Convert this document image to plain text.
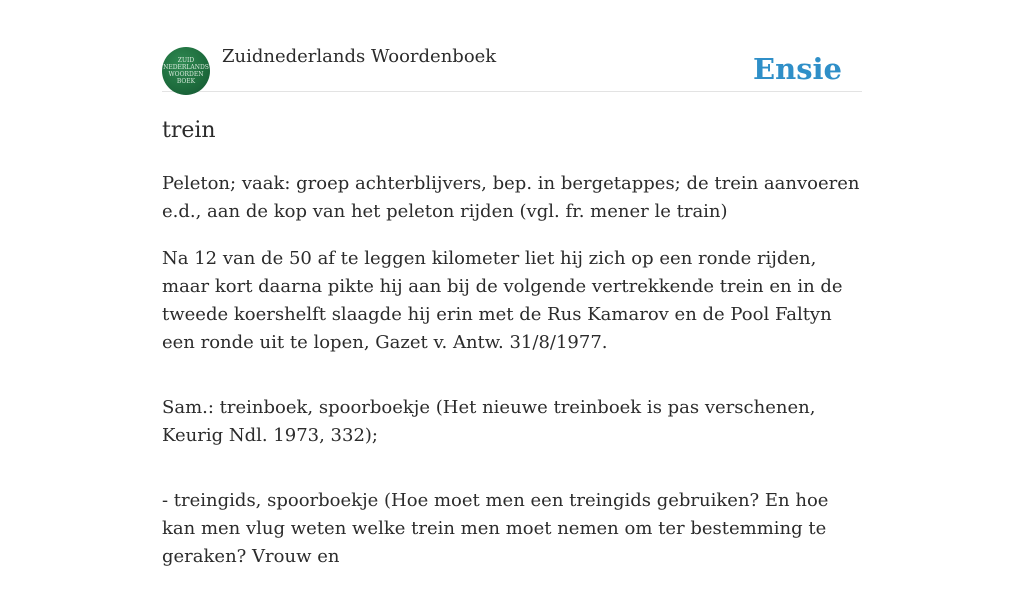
ZUID
NEDERLANDS
WOORDEN
BOEK
Zuidnederlands Woordenboek	Ensie
trein

Peleton; vaak: groep achterblijvers, bep. in bergetappes; de trein aanvoeren e.d., aan de kop van het peleton rijden (vgl. fr. mener le train)

Na 12 van de 50 af te leggen kilometer liet hij zich op een ronde rijden, maar kort daarna pikte hij aan bij de volgende vertrekkende trein en in de tweede koershelft slaagde hij erin met de Rus Kamarov en de Pool Faltyn een ronde uit te lopen, Gazet v. Antw. 31/8/1977.

Sam.: treinboek, spoorboekje (Het nieuwe treinboek is pas verschenen, Keurig Ndl. 1973, 332);

- treingids, spoorboekje (Hoe moet men een treingids gebruiken? En hoe kan men vlug weten welke trein men moet nemen om ter bestemming te geraken? Vrouw en
